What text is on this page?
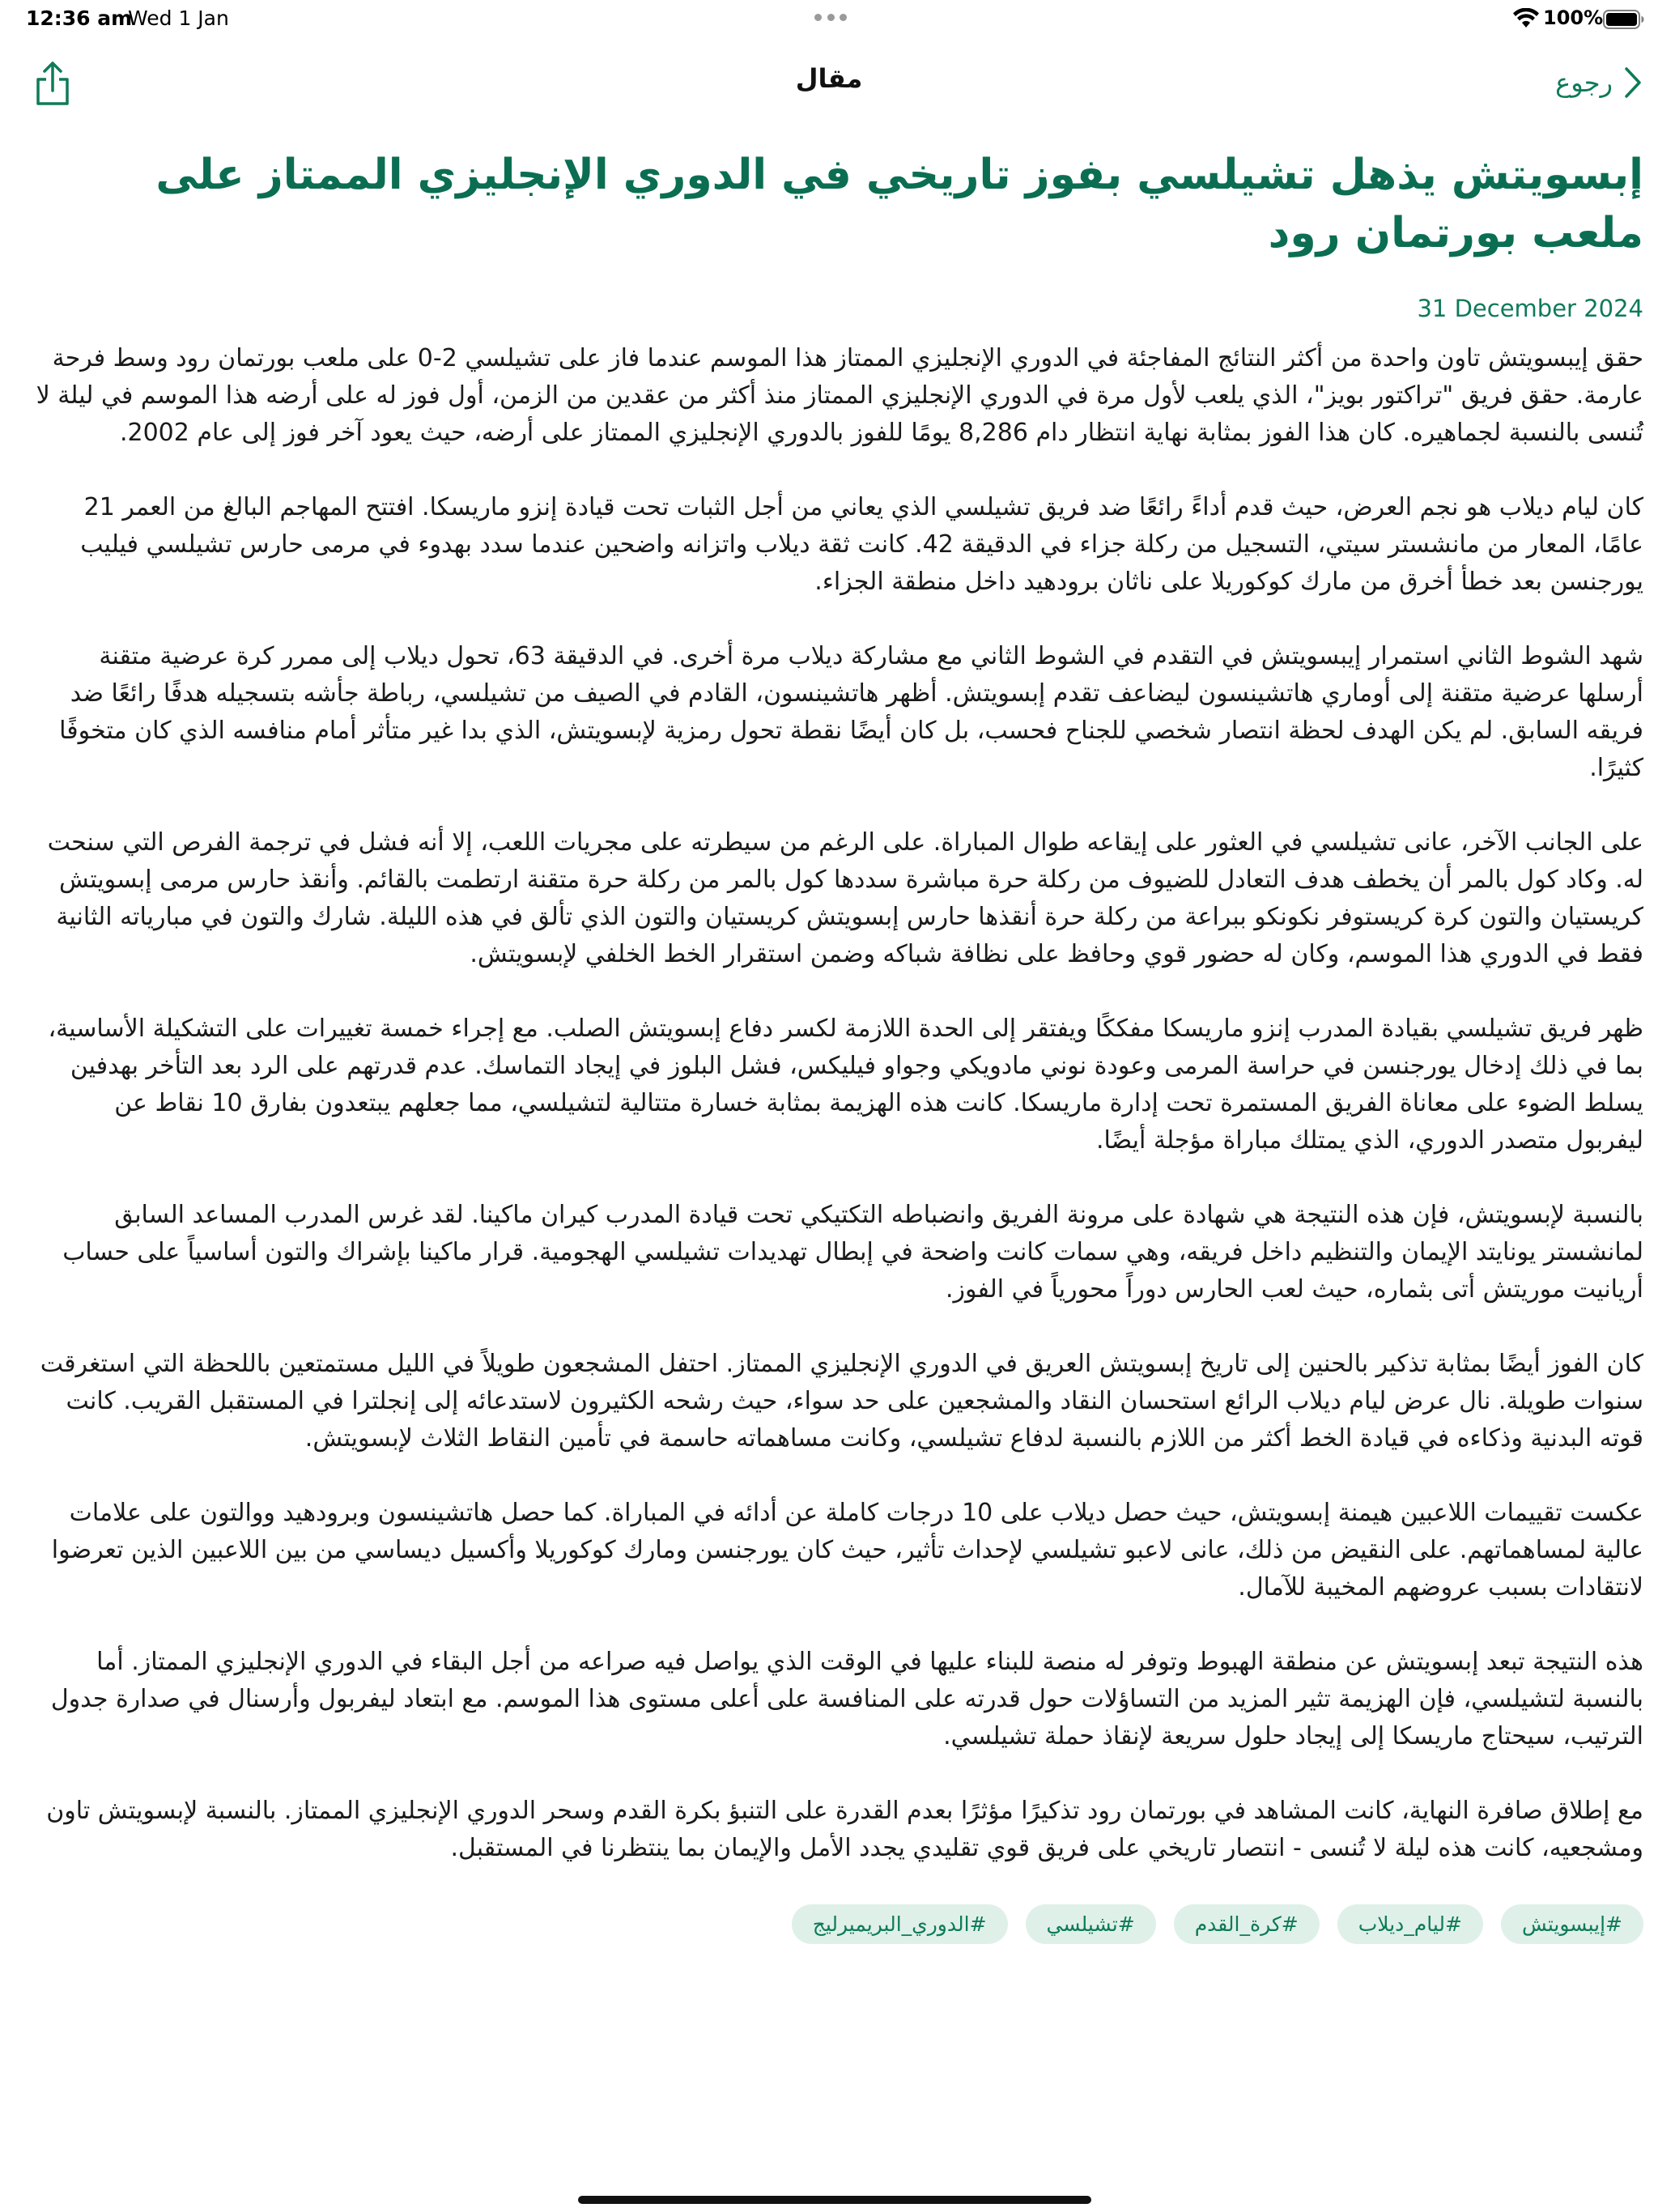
12:36 am
Wed 1 Jan	100%
مقال	رجوع
إبسويتش يذهل تشيلسي بفوز تاريخي في الدوري الإنجليزي الممتاز على ملعب بورتمان رود
31 December 2024

حقق إيبسويتش تاون واحدة من أكثر النتائج المفاجئة في الدوري الإنجليزي الممتاز هذا الموسم عندما فاز على تشيلسي 2-0 على ملعب بورتمان رود وسط فرحة عارمة. حقق فريق "تراكتور بويز"، الذي يلعب لأول مرة في الدوري الإنجليزي الممتاز منذ أكثر من عقدين من الزمن، أول فوز له على أرضه هذا الموسم في ليلة لا تُنسى بالنسبة لجماهيره. كان هذا الفوز بمثابة نهاية انتظار دام 8,286 يومًا للفوز بالدوري الإنجليزي الممتاز على أرضه، حيث يعود آخر فوز إلى عام 2002.

كان ليام ديلاب هو نجم العرض، حيث قدم أداءً رائعًا ضد فريق تشيلسي الذي يعاني من أجل الثبات تحت قيادة إنزو ماريسكا. افتتح المهاجم البالغ من العمر 21 عامًا، المعار من مانشستر سيتي، التسجيل من ركلة جزاء في الدقيقة 42. كانت ثقة ديلاب واتزانه واضحين عندما سدد بهدوء في مرمى حارس تشيلسي فيليب يورجنسن بعد خطأ أخرق من مارك كوكوريلا على ناثان برودهيد داخل منطقة الجزاء.

شهد الشوط الثاني استمرار إيبسويتش في التقدم في الشوط الثاني مع مشاركة ديلاب مرة أخرى. في الدقيقة 63، تحول ديلاب إلى ممرر كرة عرضية متقنة أرسلها عرضية متقنة إلى أوماري هاتشينسون ليضاعف تقدم إبسويتش. أظهر هاتشينسون، القادم في الصيف من تشيلسي، رباطة جأشه بتسجيله هدفًا رائعًا ضد فريقه السابق. لم يكن الهدف لحظة انتصار شخصي للجناح فحسب، بل كان أيضًا نقطة تحول رمزية لإبسويتش، الذي بدا غير متأثر أمام منافسه الذي كان متخوفًا كثيرًا.

على الجانب الآخر، عانى تشيلسي في العثور على إيقاعه طوال المباراة. على الرغم من سيطرته على مجريات اللعب، إلا أنه فشل في ترجمة الفرص التي سنحت له. وكاد كول بالمر أن يخطف هدف التعادل للضيوف من ركلة حرة مباشرة سددها كول بالمر من ركلة حرة متقنة ارتطمت بالقائم. وأنقذ حارس مرمى إبسويتش كريستيان والتون كرة كريستوفر نكونكو ببراعة من ركلة حرة أنقذها حارس إبسويتش كريستيان والتون الذي تألق في هذه الليلة. شارك والتون في مبارياته الثانية فقط في الدوري هذا الموسم، وكان له حضور قوي وحافظ على نظافة شباكه وضمن استقرار الخط الخلفي لإبسويتش.

ظهر فريق تشيلسي بقيادة المدرب إنزو ماريسكا مفككًا ويفتقر إلى الحدة اللازمة لكسر دفاع إبسويتش الصلب. مع إجراء خمسة تغييرات على التشكيلة الأساسية، بما في ذلك إدخال يورجنسن في حراسة المرمى وعودة نوني مادويكي وجواو فيليكس، فشل البلوز في إيجاد التماسك. عدم قدرتهم على الرد بعد التأخر بهدفين يسلط الضوء على معاناة الفريق المستمرة تحت إدارة ماريسكا. كانت هذه الهزيمة بمثابة خسارة متتالية لتشيلسي، مما جعلهم يبتعدون بفارق 10 نقاط عن ليفربول متصدر الدوري، الذي يمتلك مباراة مؤجلة أيضًا.

بالنسبة لإبسويتش، فإن هذه النتيجة هي شهادة على مرونة الفريق وانضباطه التكتيكي تحت قيادة المدرب كيران ماكينا. لقد غرس المدرب المساعد السابق لمانشستر يونايتد الإيمان والتنظيم داخل فريقه، وهي سمات كانت واضحة في إبطال تهديدات تشيلسي الهجومية. قرار ماكينا بإشراك والتون أساسياً على حساب أريانيت موريتش أتى بثماره، حيث لعب الحارس دوراً محورياً في الفوز.

كان الفوز أيضًا بمثابة تذكير بالحنين إلى تاريخ إبسويتش العريق في الدوري الإنجليزي الممتاز. احتفل المشجعون طويلاً في الليل مستمتعين باللحظة التي استغرقت سنوات طويلة. نال عرض ليام ديلاب الرائع استحسان النقاد والمشجعين على حد سواء، حيث رشحه الكثيرون لاستدعائه إلى إنجلترا في المستقبل القريب. كانت قوته البدنية وذكاءه في قيادة الخط أكثر من اللازم بالنسبة لدفاع تشيلسي، وكانت مساهماته حاسمة في تأمين النقاط الثلاث لإبسويتش.

عكست تقييمات اللاعبين هيمنة إبسويتش، حيث حصل ديلاب على 10 درجات كاملة عن أدائه في المباراة. كما حصل هاتشينسون وبرودهيد ووالتون على علامات عالية لمساهماتهم. على النقيض من ذلك، عانى لاعبو تشيلسي لإحداث تأثير، حيث كان يورجنسن ومارك كوكوريلا وأكسيل ديساسي من بين اللاعبين الذين تعرضوا لانتقادات بسبب عروضهم المخيبة للآمال.

هذه النتيجة تبعد إبسويتش عن منطقة الهبوط وتوفر له منصة للبناء عليها في الوقت الذي يواصل فيه صراعه من أجل البقاء في الدوري الإنجليزي الممتاز. أما بالنسبة لتشيلسي، فإن الهزيمة تثير المزيد من التساؤلات حول قدرته على المنافسة على أعلى مستوى هذا الموسم. مع ابتعاد ليفربول وأرسنال في صدارة جدول الترتيب، سيحتاج ماريسكا إلى إيجاد حلول سريعة لإنقاذ حملة تشيلسي.

مع إطلاق صافرة النهاية، كانت المشاهد في بورتمان رود تذكيرًا مؤثرًا بعدم القدرة على التنبؤ بكرة القدم وسحر الدوري الإنجليزي الممتاز. بالنسبة لإبسويتش تاون ومشجعيه، كانت هذه ليلة لا تُنسى - انتصار تاريخي على فريق قوي تقليدي يجدد الأمل والإيمان بما ينتظرنا في المستقبل.

#إيبسويتش
#ليام_ديلاب
#كرة_القدم
#تشيلسي
#الدوري_البريميرليج
